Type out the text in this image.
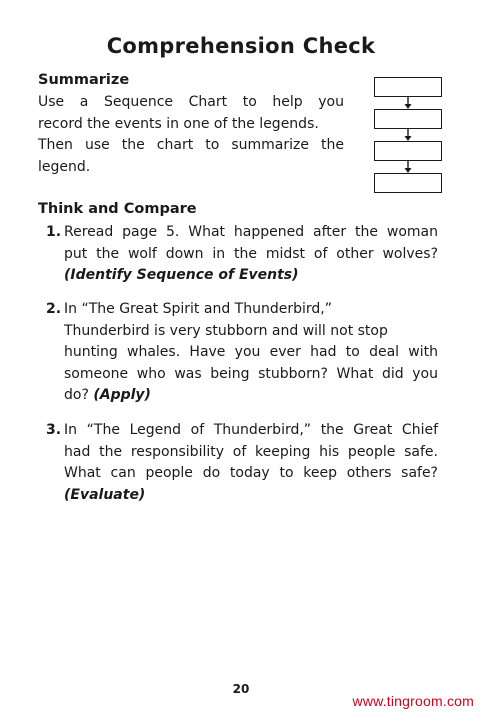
Comprehension Check
Summarize
Use a Sequence Chart to help you
record the events in one of the legends.
Then use the chart to summarize the
legend.
Think and Compare
1. Reread page 5. What happened after the woman
put the wolf down in the midst of other wolves?
(Identify Sequence of Events)
2. In “The Great Spirit and Thunderbird,”
Thunderbird is very stubborn and will not stop
hunting whales. Have you ever had to deal with
someone who was being stubborn? What did you
do? (Apply)
3. In “The Legend of Thunderbird,” the Great Chief
had the responsibility of keeping his people safe.
What can people do today to keep others safe?
(Evaluate)
20
www.tingroom.com
